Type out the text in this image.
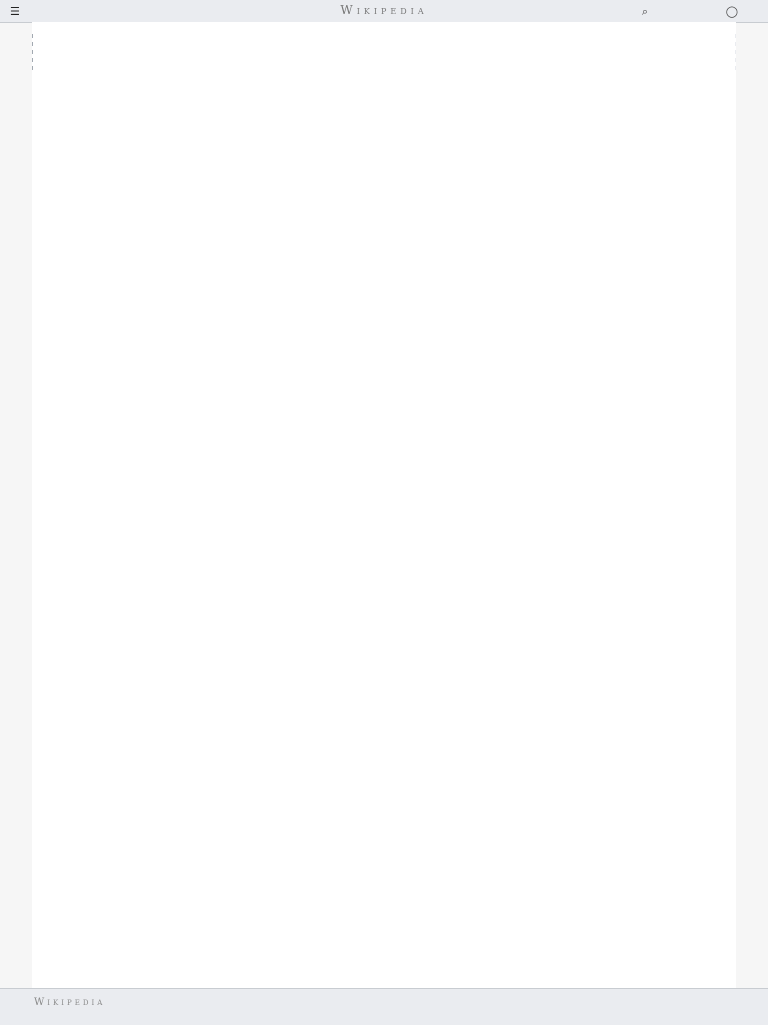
☰	Wikipedia	⌕	◯

Wikipedia
